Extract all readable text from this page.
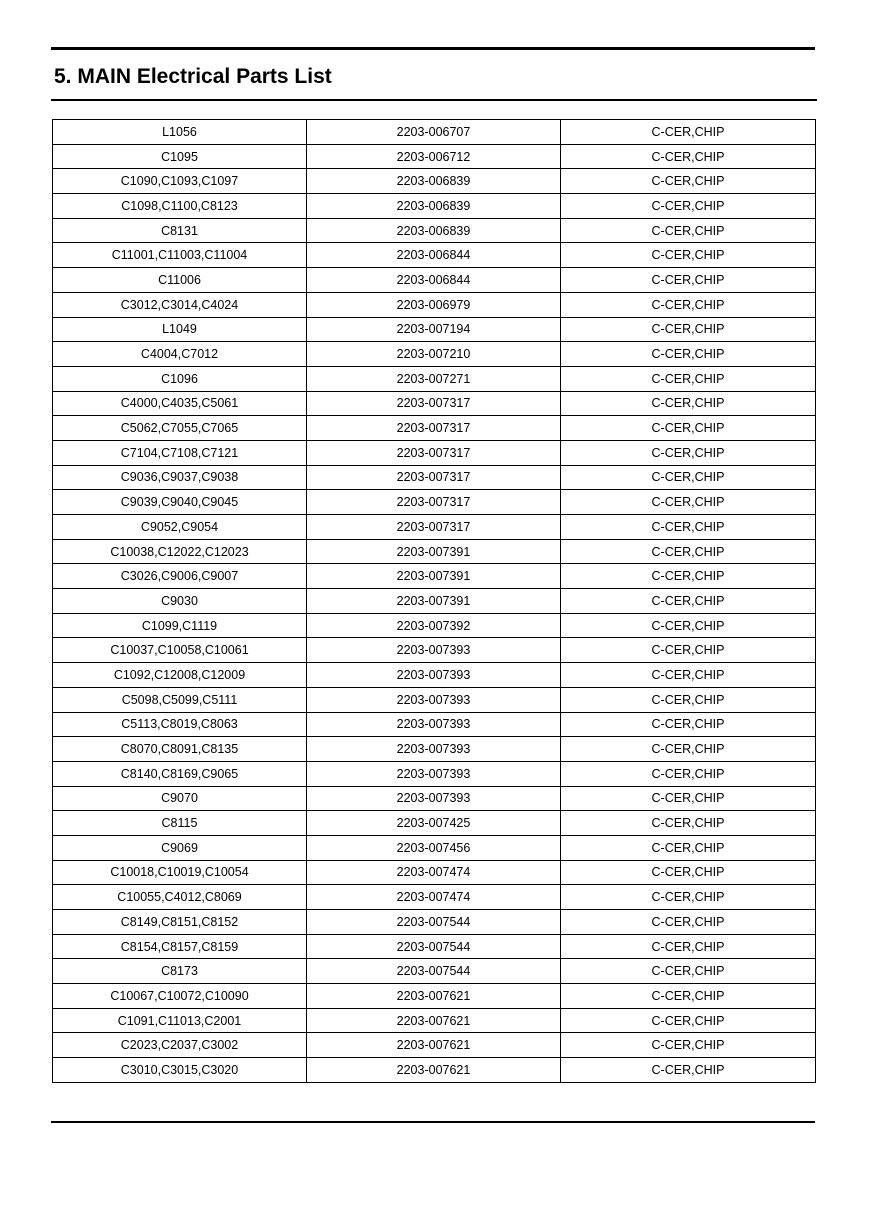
5. MAIN Electrical Parts List
L1056	2203-006707	C-CER,CHIP
C1095	2203-006712	C-CER,CHIP
C1090,C1093,C1097	2203-006839	C-CER,CHIP
C1098,C1100,C8123	2203-006839	C-CER,CHIP
C8131	2203-006839	C-CER,CHIP
C11001,C11003,C11004	2203-006844	C-CER,CHIP
C11006	2203-006844	C-CER,CHIP
C3012,C3014,C4024	2203-006979	C-CER,CHIP
L1049	2203-007194	C-CER,CHIP
C4004,C7012	2203-007210	C-CER,CHIP
C1096	2203-007271	C-CER,CHIP
C4000,C4035,C5061	2203-007317	C-CER,CHIP
C5062,C7055,C7065	2203-007317	C-CER,CHIP
C7104,C7108,C7121	2203-007317	C-CER,CHIP
C9036,C9037,C9038	2203-007317	C-CER,CHIP
C9039,C9040,C9045	2203-007317	C-CER,CHIP
C9052,C9054	2203-007317	C-CER,CHIP
C10038,C12022,C12023	2203-007391	C-CER,CHIP
C3026,C9006,C9007	2203-007391	C-CER,CHIP
C9030	2203-007391	C-CER,CHIP
C1099,C1119	2203-007392	C-CER,CHIP
C10037,C10058,C10061	2203-007393	C-CER,CHIP
C1092,C12008,C12009	2203-007393	C-CER,CHIP
C5098,C5099,C5111	2203-007393	C-CER,CHIP
C5113,C8019,C8063	2203-007393	C-CER,CHIP
C8070,C8091,C8135	2203-007393	C-CER,CHIP
C8140,C8169,C9065	2203-007393	C-CER,CHIP
C9070	2203-007393	C-CER,CHIP
C8115	2203-007425	C-CER,CHIP
C9069	2203-007456	C-CER,CHIP
C10018,C10019,C10054	2203-007474	C-CER,CHIP
C10055,C4012,C8069	2203-007474	C-CER,CHIP
C8149,C8151,C8152	2203-007544	C-CER,CHIP
C8154,C8157,C8159	2203-007544	C-CER,CHIP
C8173	2203-007544	C-CER,CHIP
C10067,C10072,C10090	2203-007621	C-CER,CHIP
C1091,C11013,C2001	2203-007621	C-CER,CHIP
C2023,C2037,C3002	2203-007621	C-CER,CHIP
C3010,C3015,C3020	2203-007621	C-CER,CHIP
